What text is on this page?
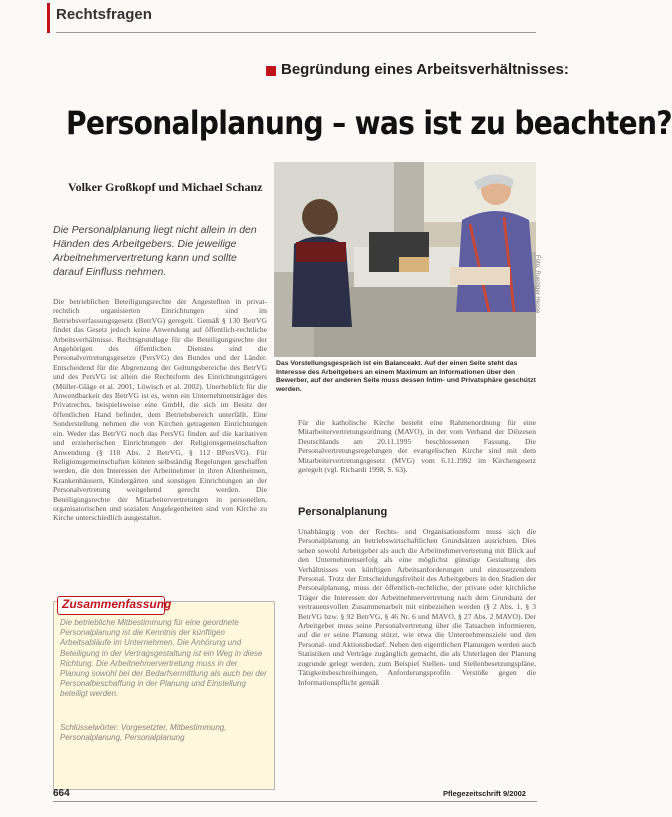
Rechtsfragen
Begründung eines Arbeitsverhältnisses:
Personalplanung – was ist zu beachten?
Volker Großkopf und Michael Schanz
Die Personalplanung liegt nicht allein in den Händen des Arbeitgebers. Die jeweilige Arbeitnehmervertretung kann und sollte darauf Einfluss nehmen.
Die betrieblichen Beteiligungsrechte der Angestellten in privat-rechtlich organisierten Einrichtungen sind im Betriebsverfassungsgesetz (BetrVG) geregelt. Gemäß § 130 BetrVG findet das Gesetz jedoch keine Anwendung auf öffentlich-rechtliche Arbeitsverhältnisse. Rechtsgrundlage für die Beteiligungsrechte der Angehörigen des öffentlichen Dienstes sind die Personalvertretungsgesetze (PersVG) des Bundes und der Länder. Entscheidend für die Abgrenzung der Geltungsbereiche des BetrVG und des PersVG ist allein die Rechtsform des Einrichtungsträgers (Müller-Gläge et al. 2001, Löwisch et al. 2002). Unerheblich für die Anwendbarkeit des BetrVG ist es, wenn ein Unternehmensträger des Privatrechts, beispielsweise eine GmbH, die sich im Besitz der öffentlichen Hand befindet, dem Betriebsbereich unterfällt. Eine Sonderstellung nehmen die von Kirchen getragenen Einrichtungen ein. Weder das BetrVG noch das PersVG finden auf die karitativen und erzieherischen Einrichtungen der Religionsgemeinschaften Anwendung (§ 118 Abs. 2 BetrVG, § 112 BPersVG). Für Religionsgemeinschaften können selbständig Regelungen geschaffen werden, die den Interessen der Arbeitnehmer in ihren Altenheimen, Krankenhäusern, Kindergärten und sonstigen Einrichtungen an der Personalvertretung weitgehend gerecht werden. Die Beteiligungsrechte der Mitarbeitervertretungen in personellen, organisatorischen und sozialen Angelegenheiten sind von Kirche zu Kirche unterschiedlich ausgestaltet.
Foto: Ruediger Hesse
Das Vorstellungsgespräch ist ein Balanceakt. Auf der einen Seite steht das Interesse des Arbeitgebers an einem Maximum an Informationen über den Bewerber, auf der anderen Seite muss dessen Intim- und Privatsphäre geschützt werden.
Für die katholische Kirche besteht eine Rahmenordnung für eine Mitarbeitervertretungsordnung (MAVO), in der vom Verband der Diözesen Deutschlands am 20.11.1995 beschlossenen Fassung. Die Personalvertretungsregelungen der evangelischen Kirche sind mit dem Mitarbeitervertretungsgesetz (MVG) vom 6.11.1992 im Kirchengesetz geregelt (vgl. Richardi 1998, S. 63).
Personalplanung
Unabhängig von der Rechts- und Organisationsform muss sich die Personalplanung an betriebswirtschaftlichen Grundsätzen ausrichten. Dies sehen sowohl Arbeitgeber als auch die Arbeitnehmervertretung mit Blick auf den Unternehmenserfolg als eine möglichst günstige Gestaltung des Verhältnisses von künftigen Arbeitsanforderungen und einzusetzendem Personal. Trotz der Entscheidungsfreiheit des Arbeitgebers in den Stadien der Personalplanung, muss der öffentlich-rechtliche, der private oder kirchliche Träger die Interessen der Arbeitnehmervertretung nach dem Grundsatz der vertrauensvollen Zusammenarbeit mit einbeziehen werden (§ 2 Abs. 1, § 3 BetrVG bzw. § 92 BetrVG, § 46 Nr. 6 und MAVO, § 27 Abs. 2 MAVO). Der Arbeitgeber muss seine Personalvertretung über die Tatsachen informieren, auf die er seine Planung stützt, wie etwa die Unternehmensziele und den Personal- und Aktionsbedarf. Neben den eigentlichen Planungen werden auch Statistiken und Verträge zugänglich gemacht, die als Unterlagen der Planung zugrunde gelegt werden, zum Beispiel Stellen- und Stellenbesetzungspläne, Tätigkeitsbeschreibungen, Anforderungsprofile. Verstöße gegen die Informationspflicht gemäß
Zusammenfassung
Die betriebliche Mitbestimmung für eine geordnete Personalplanung ist die Kenntnis der künftigen Arbeitsabläufe im Unternehmen. Die Anhörung und Beteiligung in der Vertragsgestaltung ist ein Weg in diese Richtung. Die Arbeitnehmervertretung muss in der Planung sowohl bei der Bedarfsermittlung als auch bei der Personalbeschaffung in der Planung und Einstellung beteiligt werden.
Schlüsselwörter: Vorgesetzter, Mitbestimmung, Personalplanung, Personalplanung
664	Pflegezeitschrift 9/2002
